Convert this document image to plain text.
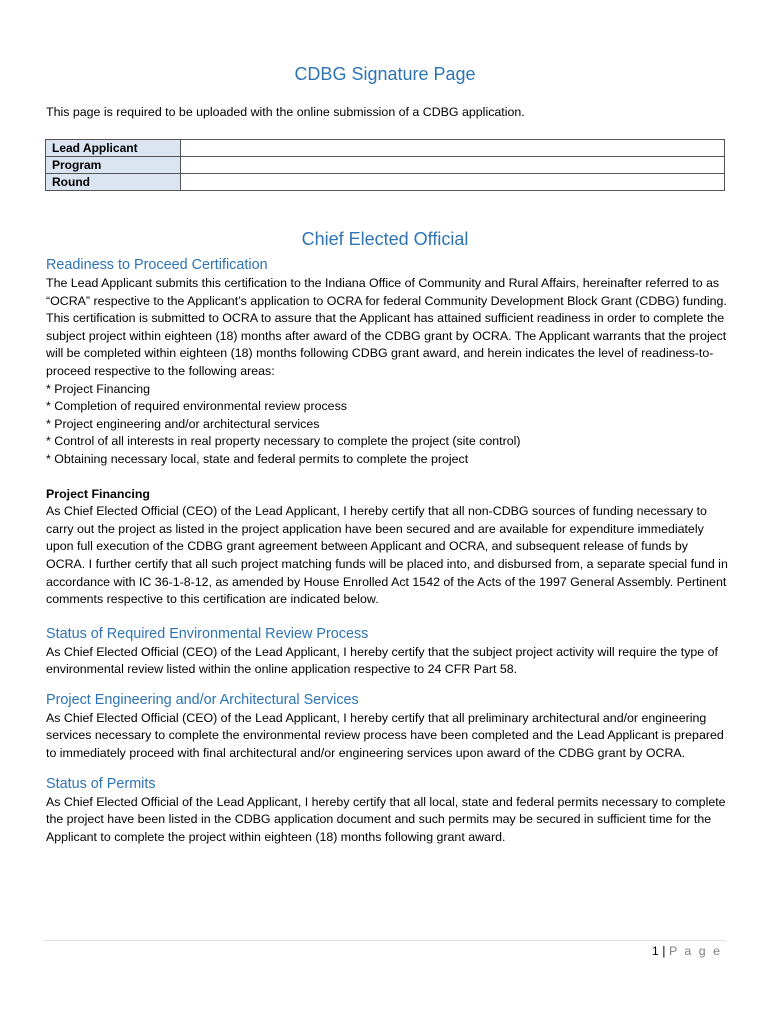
CDBG Signature Page
This page is required to be uploaded with the online submission of a CDBG application.
Lead Applicant	
Program	
Round	
Chief Elected Official
Readiness to Proceed Certification

The Lead Applicant submits this certification to the Indiana Office of Community and Rural Affairs, hereinafter referred to as “OCRA” respective to the Applicant’s application to OCRA for federal Community Development Block Grant (CDBG) funding. This certification is submitted to OCRA to assure that the Applicant has attained sufficient readiness in order to complete the subject project within eighteen (18) months after award of the CDBG grant by OCRA. The Applicant warrants that the project will be completed within eighteen (18) months following CDBG grant award, and herein indicates the level of readiness-to-proceed respective to the following areas:

* Project Financing
* Completion of required environmental review process
* Project engineering and/or architectural services
* Control of all interests in real property necessary to complete the project (site control)
* Obtaining necessary local, state and federal permits to complete the project

Project Financing

As Chief Elected Official (CEO) of the Lead Applicant, I hereby certify that all non-CDBG sources of funding necessary to carry out the project as listed in the project application have been secured and are available for expenditure immediately upon full execution of the CDBG grant agreement between Applicant and OCRA, and subsequent release of funds by OCRA. I further certify that all such project matching funds will be placed into, and disbursed from, a separate special fund in accordance with IC 36-1-8-12, as amended by House Enrolled Act 1542 of the Acts of the 1997 General Assembly. Pertinent comments respective to this certification are indicated below.

Status of Required Environmental Review Process

As Chief Elected Official (CEO) of the Lead Applicant, I hereby certify that the subject project activity will require the type of environmental review listed within the online application respective to 24 CFR Part 58.

Project Engineering and/or Architectural Services

As Chief Elected Official (CEO) of the Lead Applicant, I hereby certify that all preliminary architectural and/or engineering services necessary to complete the environmental review process have been completed and the Lead Applicant is prepared to immediately proceed with final architectural and/or engineering services upon award of the CDBG grant by OCRA.

Status of Permits

As Chief Elected Official of the Lead Applicant, I hereby certify that all local, state and federal permits necessary to complete the project have been listed in the CDBG application document and such permits may be secured in sufficient time for the Applicant to complete the project within eighteen (18) months following grant award.

1 | P a g e
